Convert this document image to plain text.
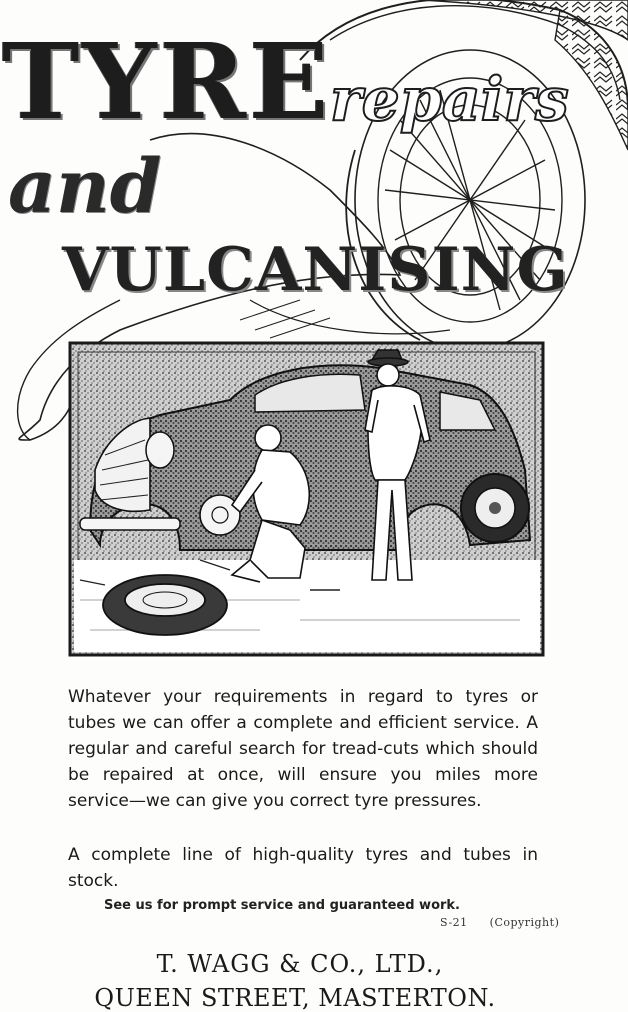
TYRE
repairs
and
VULCANISING

Whatever your requirements in regard to tyres or tubes we can offer a complete and efficient service. A regular and careful search for tread-cuts which should be repaired at once, will ensure you miles more service—we can give you correct tyre pressures.

A complete line of high-quality tyres and tubes in stock.

See us for prompt service and guaranteed work.

S-21 (Copyright)

T. WAGG & CO., LTD.,

QUEEN STREET, MASTERTON.
